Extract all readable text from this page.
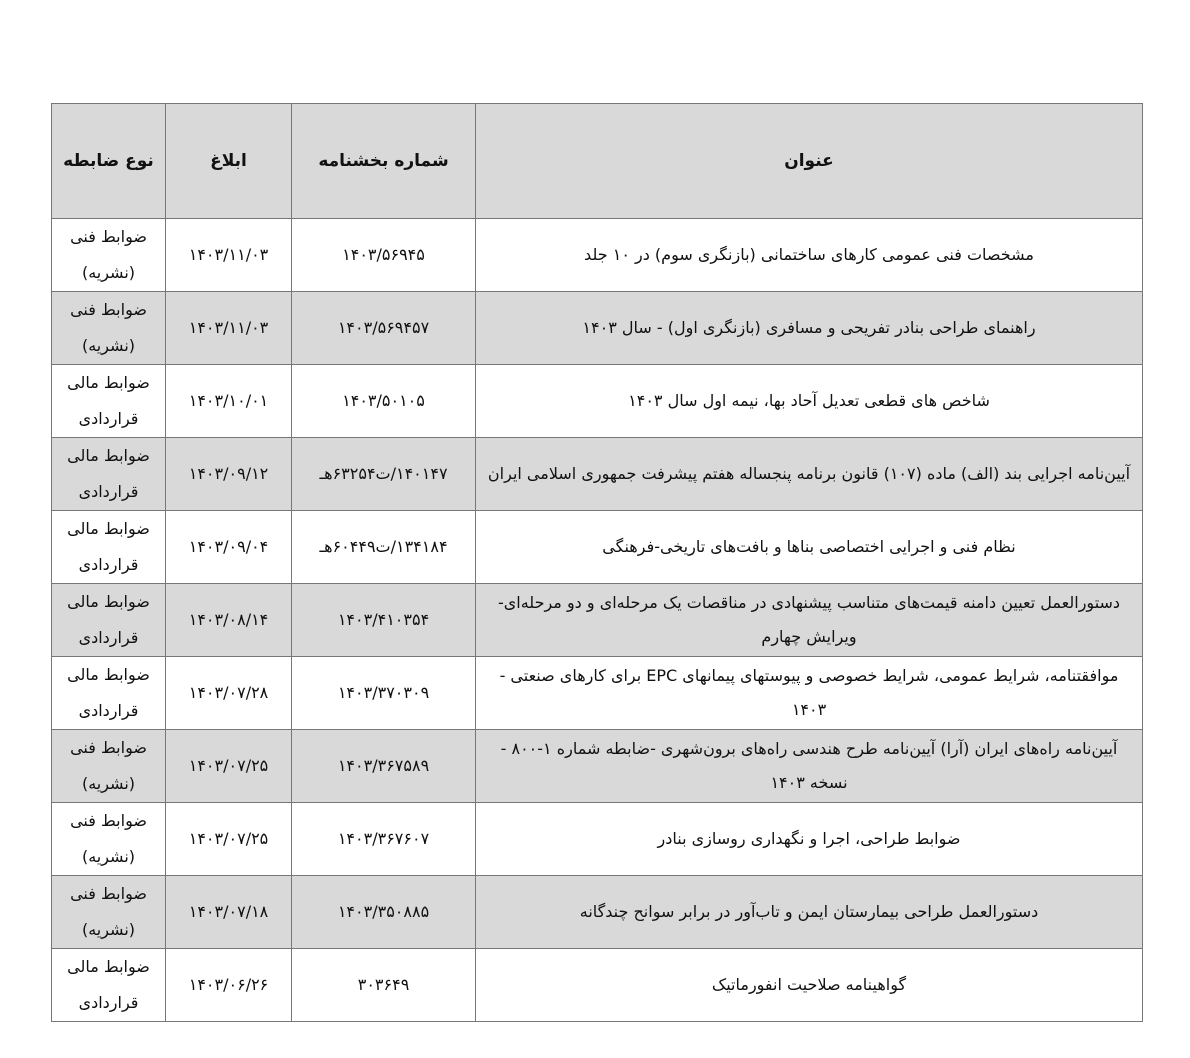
عنوان	شماره بخشنامه	ابلاغ	نوع ضابطه
مشخصات فنی عمومی کارهای ساختمانی (بازنگری سوم) در ۱۰ جلد	۱۴۰۳/۵۶۹۴۵	۱۴۰۳/۱۱/۰۳	ضوابط فنی
(نشریه)

راهنمای طراحی بنادر تفریحی و مسافری (بازنگری اول) - سال ۱۴۰۳	۱۴۰۳/۵۶۹۴۵۷	۱۴۰۳/۱۱/۰۳	ضوابط فنی
(نشریه)

شاخص های قطعی تعدیل آحاد بها، نیمه اول سال ۱۴۰۳	۱۴۰۳/۵۰۱۰۵	۱۴۰۳/۱۰/۰۱	ضوابط مالی
قراردادی

آیین‌نامه اجرایی بند (الف) ماده (۱۰۷) قانون برنامه پنجساله هفتم پیشرفت جمهوری اسلامی ایران	۱۴۰۱۴۷/ت۶۳۲۵۴هـ	۱۴۰۳/۰۹/۱۲	ضوابط مالی
قراردادی

نظام فنی و اجرایی اختصاصی بناها و بافت‌های تاریخی-فرهنگی	۱۳۴۱۸۴/ت۶۰۴۴۹هـ	۱۴۰۳/۰۹/۰۴	ضوابط مالی
قراردادی

دستورالعمل تعیین دامنه قیمت‌های متناسب پیشنهادی در مناقصات یک مرحله‌ای و دو مرحله‌ای-ویرایش چهارم	۱۴۰۳/۴۱۰۳۵۴	۱۴۰۳/۰۸/۱۴	ضوابط مالی
قراردادی

موافقتنامه، شرایط عمومی، شرایط خصوصی و پیوستهای پیمانهای EPC برای کارهای صنعتی - ۱۴۰۳	۱۴۰۳/۳۷۰۳۰۹	۱۴۰۳/۰۷/۲۸	ضوابط مالی
قراردادی

آیین‌نامه راه‌های ایران (آرا) آیین‌نامه طرح هندسی راه‌های برون‌شهری -ضابطه شماره ۱-۸۰۰ - نسخه ۱۴۰۳	۱۴۰۳/۳۶۷۵۸۹	۱۴۰۳/۰۷/۲۵	ضوابط فنی
(نشریه)

ضوابط طراحی، اجرا و نگهداری روسازی بنادر	۱۴۰۳/۳۶۷۶۰۷	۱۴۰۳/۰۷/۲۵	ضوابط فنی
(نشریه)

دستورالعمل طراحی بیمارستان ایمن و تاب‌آور در برابر سوانح چندگانه	۱۴۰۳/۳۵۰۸۸۵	۱۴۰۳/۰۷/۱۸	ضوابط فنی
(نشریه)

گواهینامه صلاحیت انفورماتیک	۳۰۳۶۴۹	۱۴۰۳/۰۶/۲۶	ضوابط مالی
قراردادی
